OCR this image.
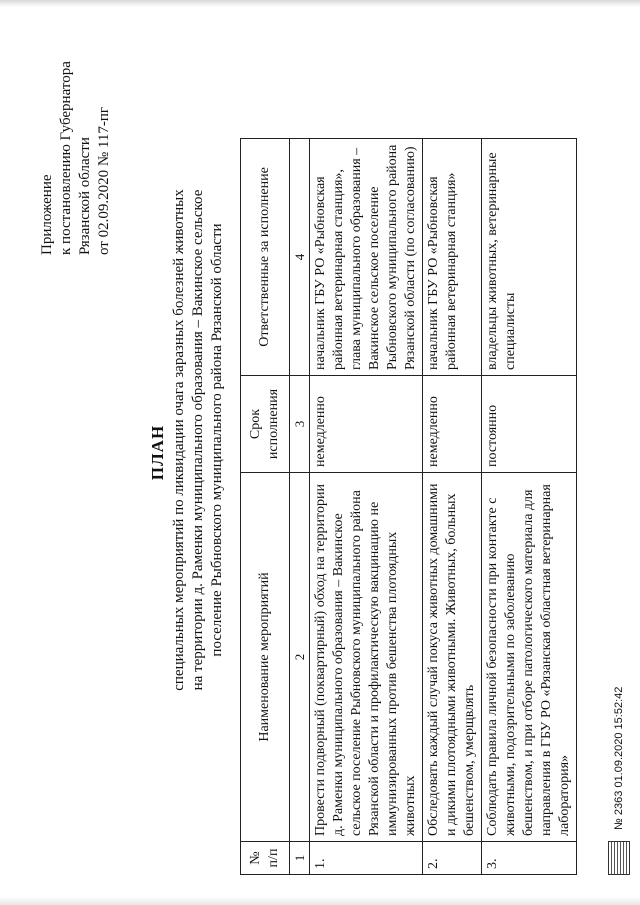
Приложение к постановлению Губернатора Рязанской области от 02.09.2020 № 117-пг
ПЛАН специальных мероприятий по ликвидации очага заразных болезней животных на территории д. Раменки муниципального образования – Вакинское сельское поселение Рыбновского муниципального района Рязанской области
№ п/п	Наименование мероприятий	Срок исполнения	Ответственные за исполнение
1	2	3	4
1.	Провести подворный (поквартирный) обход на территории д. Раменки муниципального образования – Вакинское сельское поселение Рыбновского муниципального района Рязанской области и профилактическую вакцинацию не иммунизированных против бешенства плотоядных животных	немедленно	начальник ГБУ РО «Рыбновская районная ветеринарная станция», глава муниципального образования – Вакинское сельское поселение Рыбновского муниципального района Рязанской области (по согласованию)
2.	Обследовать каждый случай покуса животных домашними и дикими плотоядными животными. Животных, больных бешенством, умерщвлять	немедленно	начальник ГБУ РО «Рыбновская районная ветеринарная станция»
3.	Соблюдать правила личной безопасности при контакте с животными, подозрительными по заболеванию бешенством, и при отборе патологического материала для направления в ГБУ РО «Рязанская областная ветеринарная лаборатория»	постоянно	владельцы животных, ветеринарные специалисты
№ 2363 01.09.2020 15:52:42
